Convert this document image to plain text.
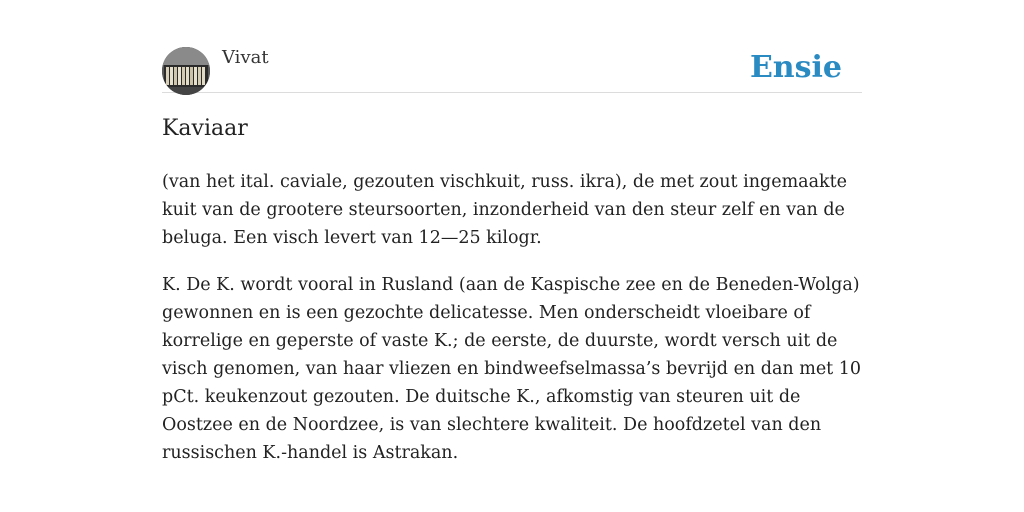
Vivat	Ensie
Kaviaar

(van het ital. caviale, gezouten vischkuit, russ. ikra), de met zout ingemaakte kuit van de grootere steursoorten, inzonderheid van den steur zelf en van de beluga. Een visch levert van 12—25 kilogr.

K. De K. wordt vooral in Rusland (aan de Kaspische zee en de Beneden-Wolga) gewonnen en is een gezochte delicatesse. Men onderscheidt vloeibare of korrelige en geperste of vaste K.; de eerste, de duurste, wordt versch uit de visch genomen, van haar vliezen en bindweefselmassa’s bevrijd en dan met 10 pCt. keukenzout gezouten. De duitsche K., afkomstig van steuren uit de Oostzee en de Noordzee, is van slechtere kwaliteit. De hoofdzetel van den russischen K.-handel is Astrakan.
